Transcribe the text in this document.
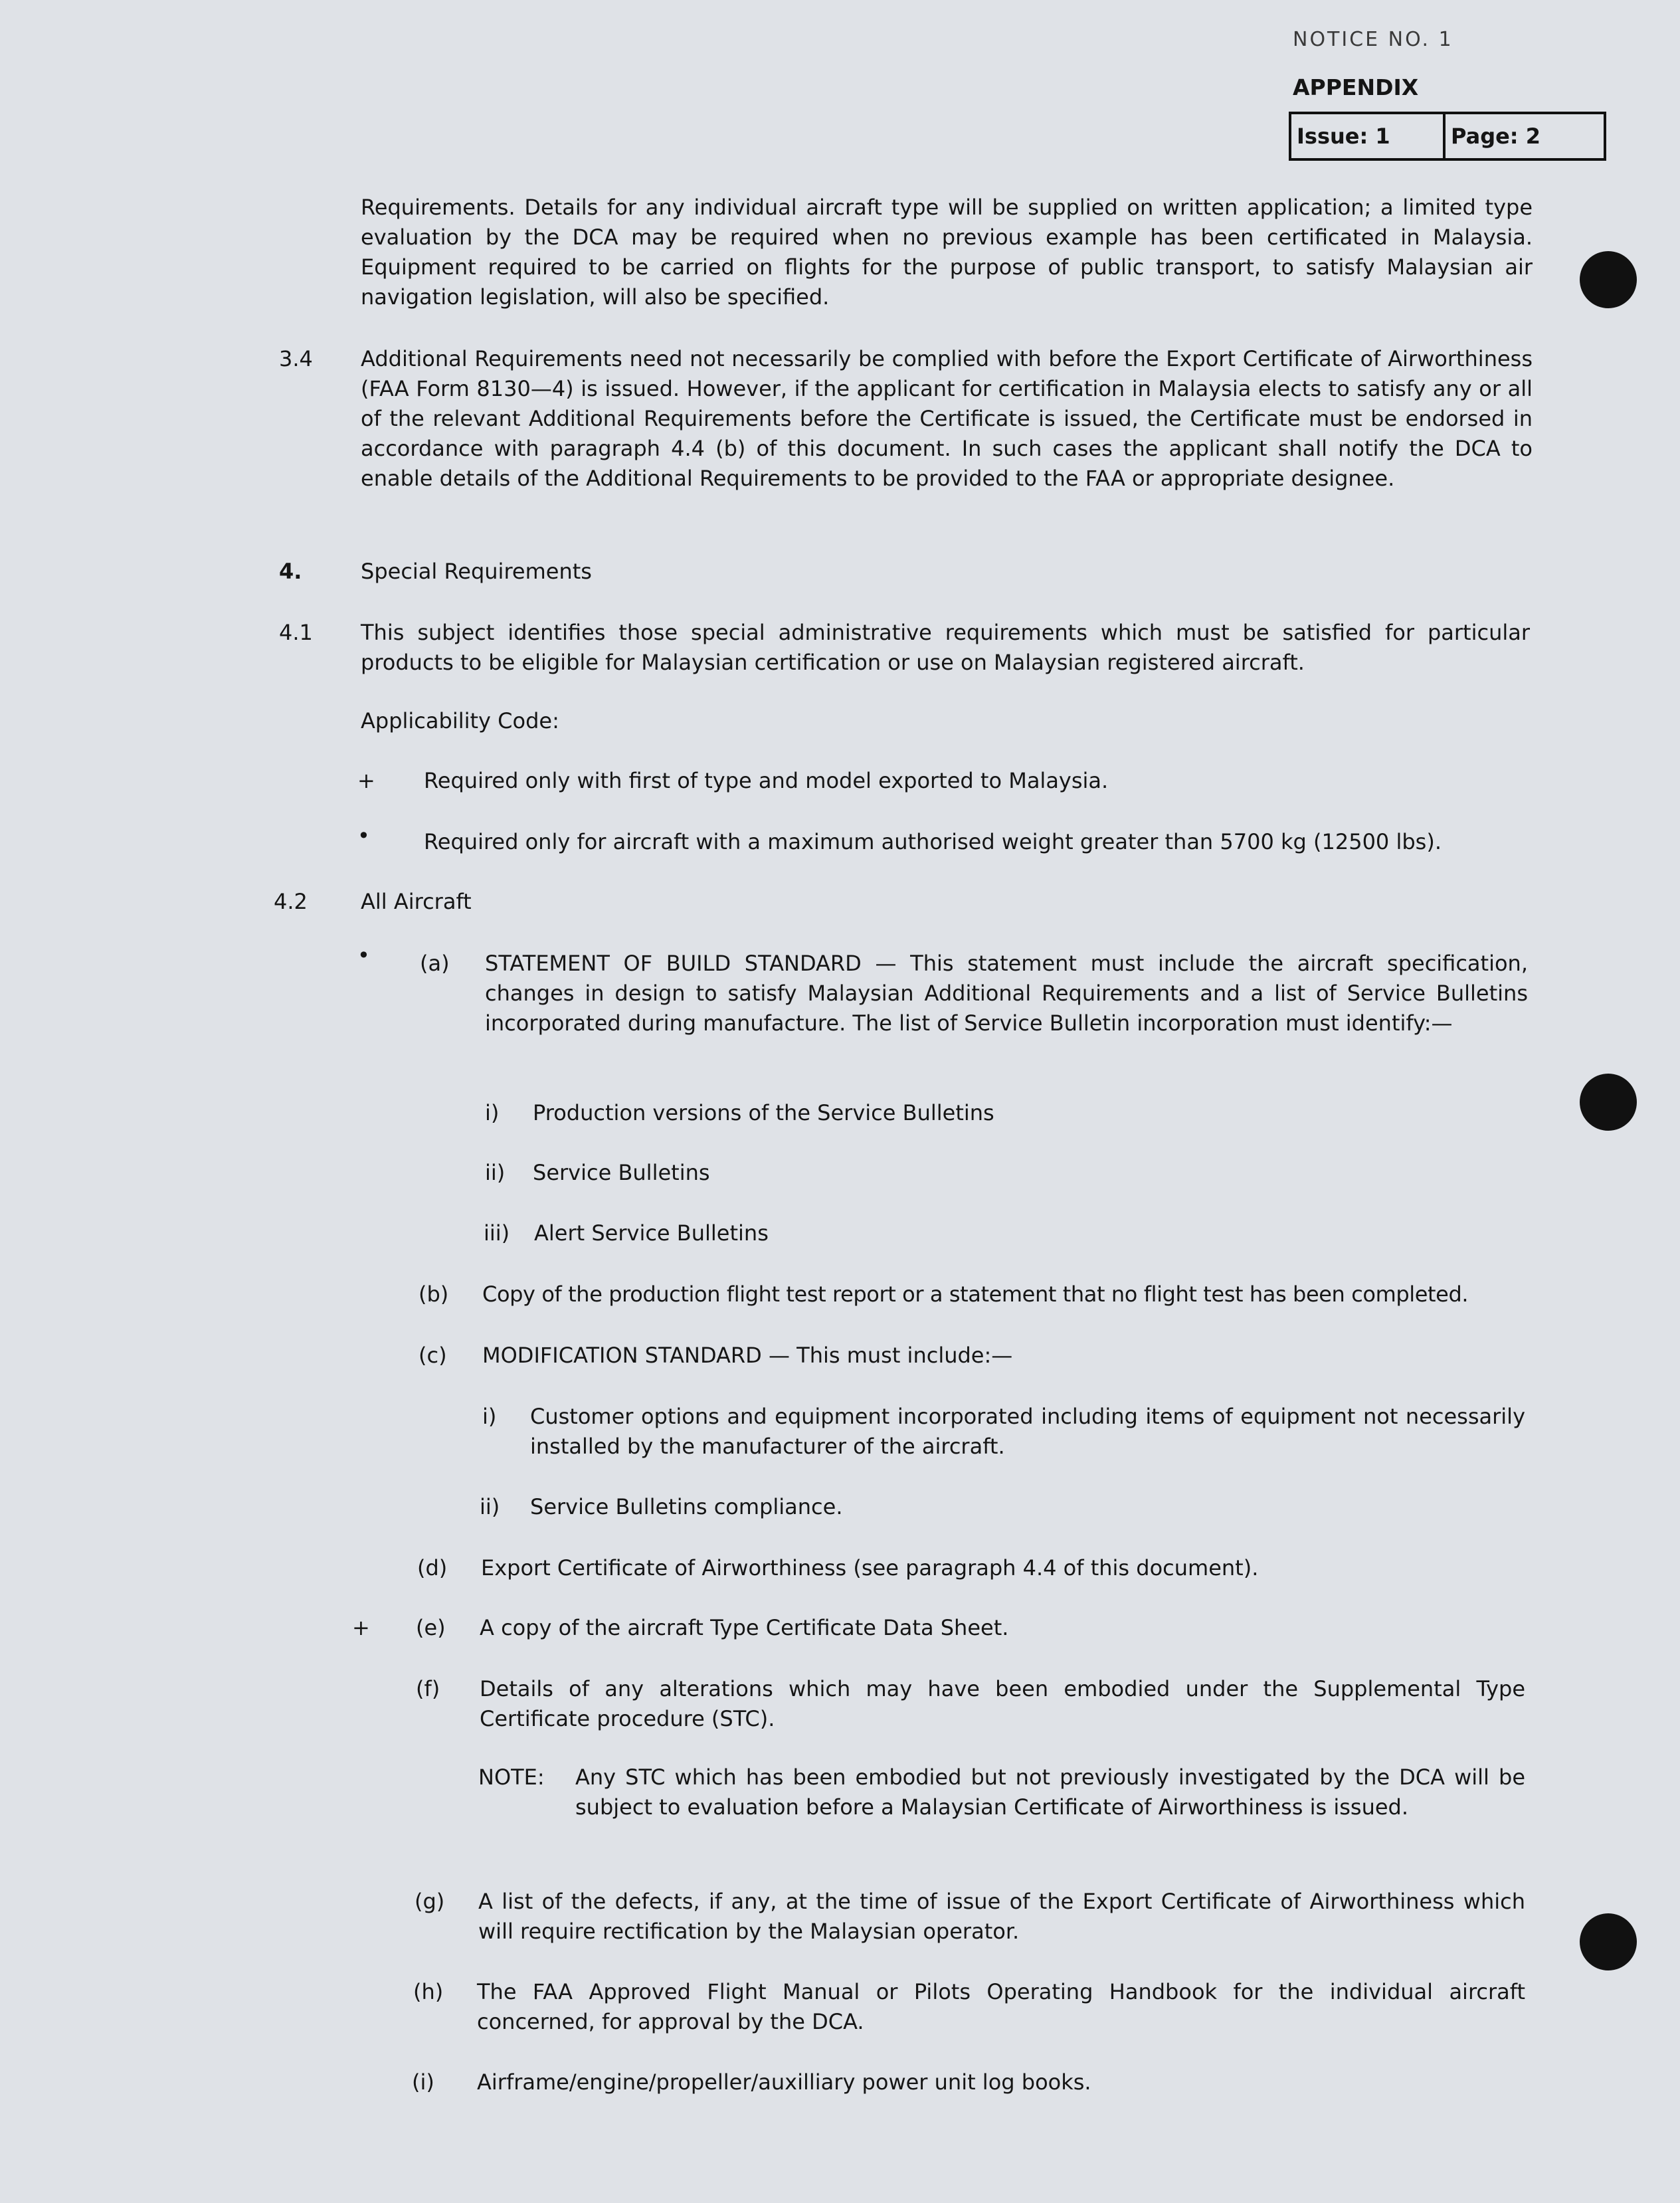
NOTICE NO. 1
APPENDIX
Issue: 1	Page: 2
Requirements. Details for any individual aircraft type will be supplied on written application; a limited type evaluation by the DCA may be required when no previous example has been certificated in Malaysia. Equipment required to be carried on flights for the purpose of public transport, to satisfy Malaysian air navigation legislation, will also be specified.
3.4 Additional Requirements need not necessarily be complied with before the Export Certificate of Airworthiness (FAA Form 8130—4) is issued. However, if the applicant for certification in Malaysia elects to satisfy any or all of the relevant Additional Requirements before the Certificate is issued, the Certificate must be endorsed in accordance with paragraph 4.4 (b) of this document. In such cases the applicant shall notify the DCA to enable details of the Additional Requirements to be provided to the FAA or appropriate designee.
4.	Special Requirements
4.1 This subject identifies those special administrative requirements which must be satisfied for particular products to be eligible for Malaysian certification or use on Malaysian registered aircraft.
Applicability Code:
+ Required only with first of type and model exported to Malaysia.
•	Required only for aircraft with a maximum authorised weight greater than 5700 kg (12500 lbs).
4.2	All Aircraft
• (a) STATEMENT OF BUILD STANDARD — This statement must include the aircraft specification, changes in design to satisfy Malaysian Additional Requirements and a list of Service Bulletins incorporated during manufacture. The list of Service Bulletin incorporation must identify:—
i) Production versions of the Service Bulletins
ii) Service Bulletins
iii) Alert Service Bulletins
(b) Copy of the production flight test report or a statement that no flight test has been completed.
(c) MODIFICATION STANDARD — This must include:—
i) Customer options and equipment incorporated including items of equipment not necessarily installed by the manufacturer of the aircraft.
ii) Service Bulletins compliance.
(d) Export Certificate of Airworthiness (see paragraph 4.4 of this document).
+ (e) A copy of the aircraft Type Certificate Data Sheet.
(f) Details of any alterations which may have been embodied under the Supplemental Type Certificate procedure (STC).
NOTE: Any STC which has been embodied but not previously investigated by the DCA will be subject to evaluation before a Malaysian Certificate of Airworthiness is issued.
(g) A list of the defects, if any, at the time of issue of the Export Certificate of Airworthiness which will require rectification by the Malaysian operator.
(h) The FAA Approved Flight Manual or Pilots Operating Handbook for the individual aircraft concerned, for approval by the DCA.
(i) Airframe/engine/propeller/auxilliary power unit log books.
